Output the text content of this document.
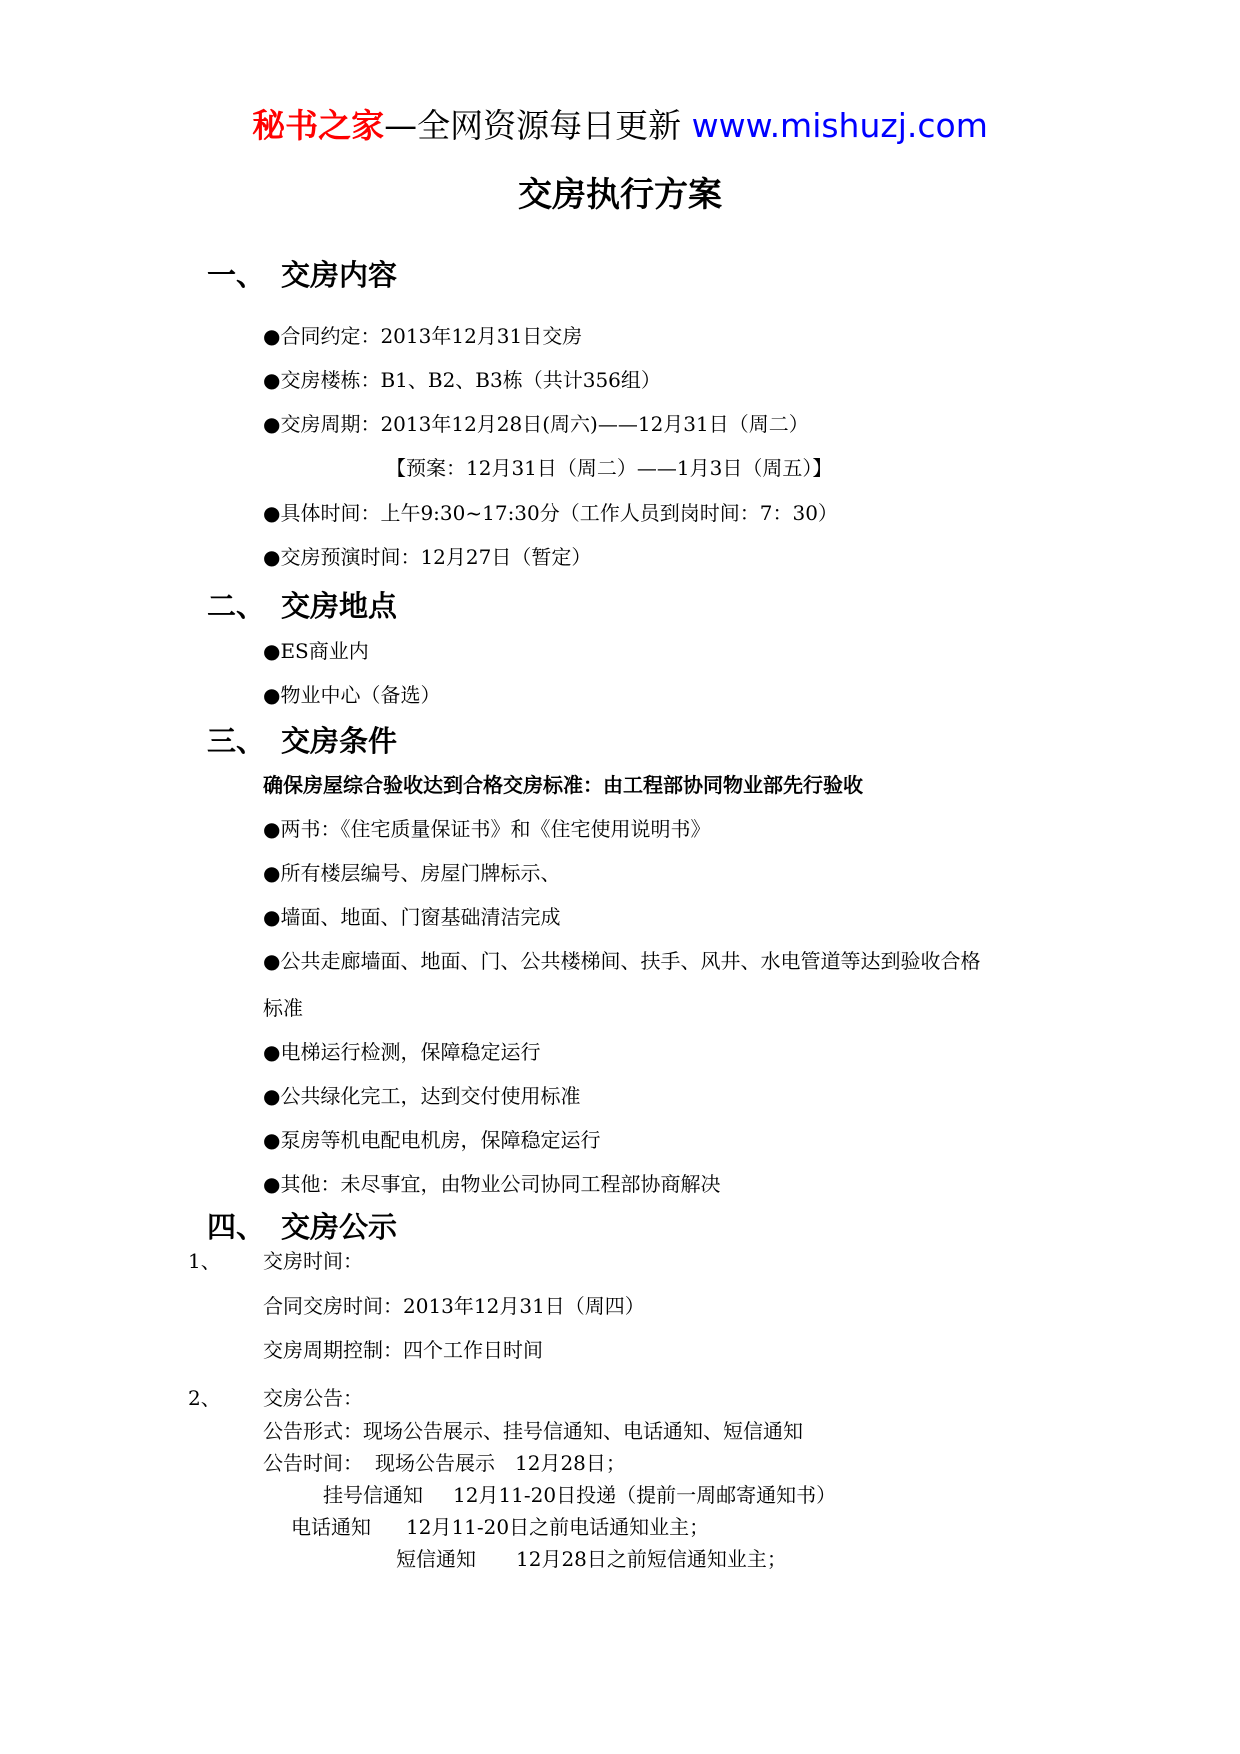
秘书之家—全网资源每日更新 www.mishuzj.com
交房执行方案
一、 交房内容
●合同约定：2013年12月31日交房
●交房楼栋：B1、B2、B3栋（共计356组）
●交房周期：2013年12月28日(周六)——12月31日（周二）
【预案：12月31日（周二）——1月3日（周五）】
●具体时间：上午9:30~17:30分（工作人员到岗时间：7：30）
●交房预演时间：12月27日（暂定）
二、 交房地点
●ES商业内
●物业中心（备选）
三、 交房条件
确保房屋综合验收达到合格交房标准：由工程部协同物业部先行验收
●两书：《住宅质量保证书》和《住宅使用说明书》
●所有楼层编号、房屋门牌标示、
●墙面、地面、门窗基础清洁完成
●公共走廊墙面、地面、门、公共楼梯间、扶手、风井、水电管道等达到验收合格
标准
●电梯运行检测，保障稳定运行
●公共绿化完工，达到交付使用标准
●泵房等机电配电机房，保障稳定运行
●其他：未尽事宜，由物业公司协同工程部协商解决
四、 交房公示
1、 交房时间：
合同交房时间：2013年12月31日（周四）
交房周期控制：四个工作日时间
2、 交房公告：
公告形式：现场公告展示、挂号信通知、电话通知、短信通知
公告时间： 现场公告展示 12月28日；
挂号信通知 12月11-20日投递（提前一周邮寄通知书）
电话通知 12月11-20日之前电话通知业主；
短信通知 12月28日之前短信通知业主；
